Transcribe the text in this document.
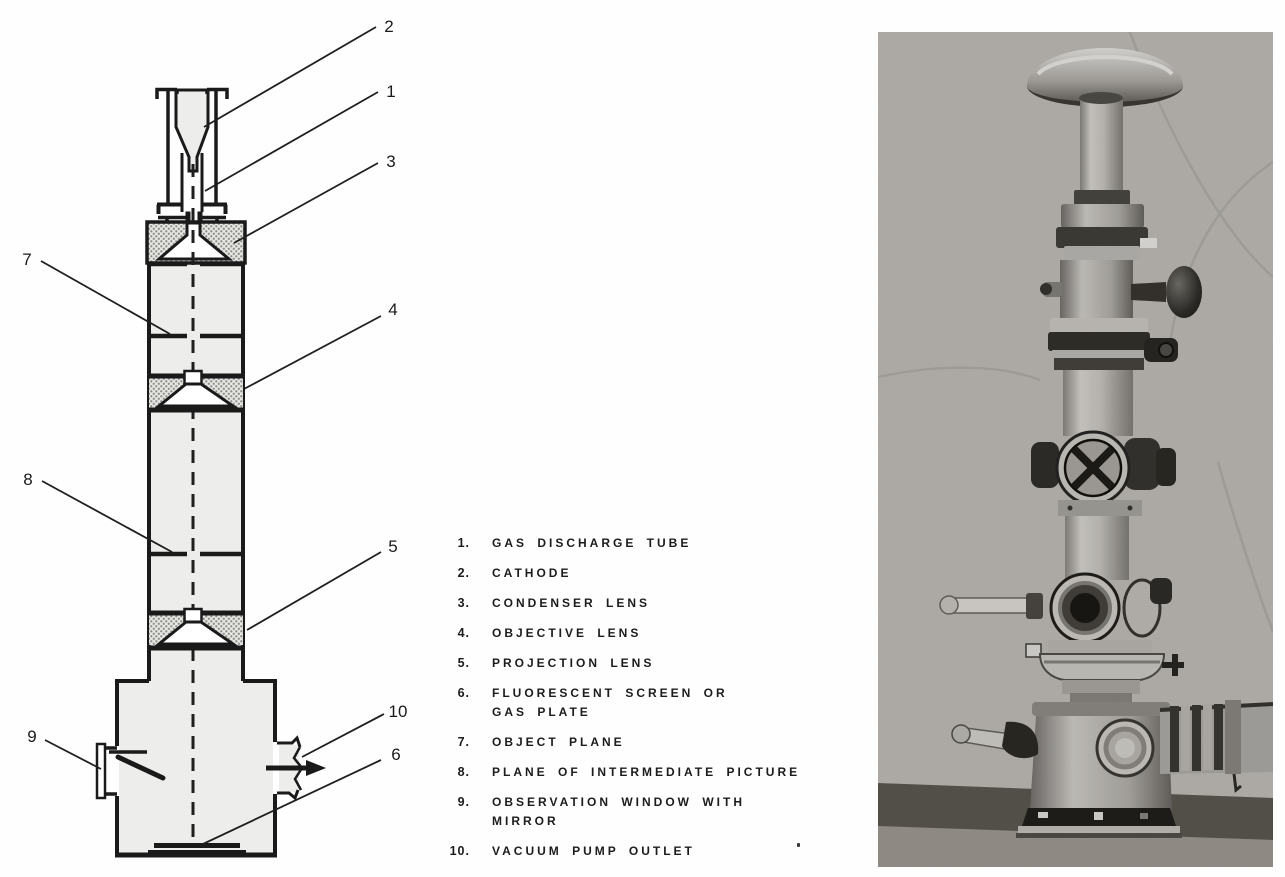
2
1
3
7
4
8
5
9
10
6
1. GAS DISCHARGE TUBE
2. CATHODE
3. CONDENSER LENS
4. OBJECTIVE LENS
5. PROJECTION LENS
6. FLUORESCENT SCREEN OR
GAS PLATE
7. OBJECT PLANE
8. PLANE OF INTERMEDIATE PICTURE
9. OBSERVATION WINDOW WITH
MIRROR
10. VACUUM PUMP OUTLET
